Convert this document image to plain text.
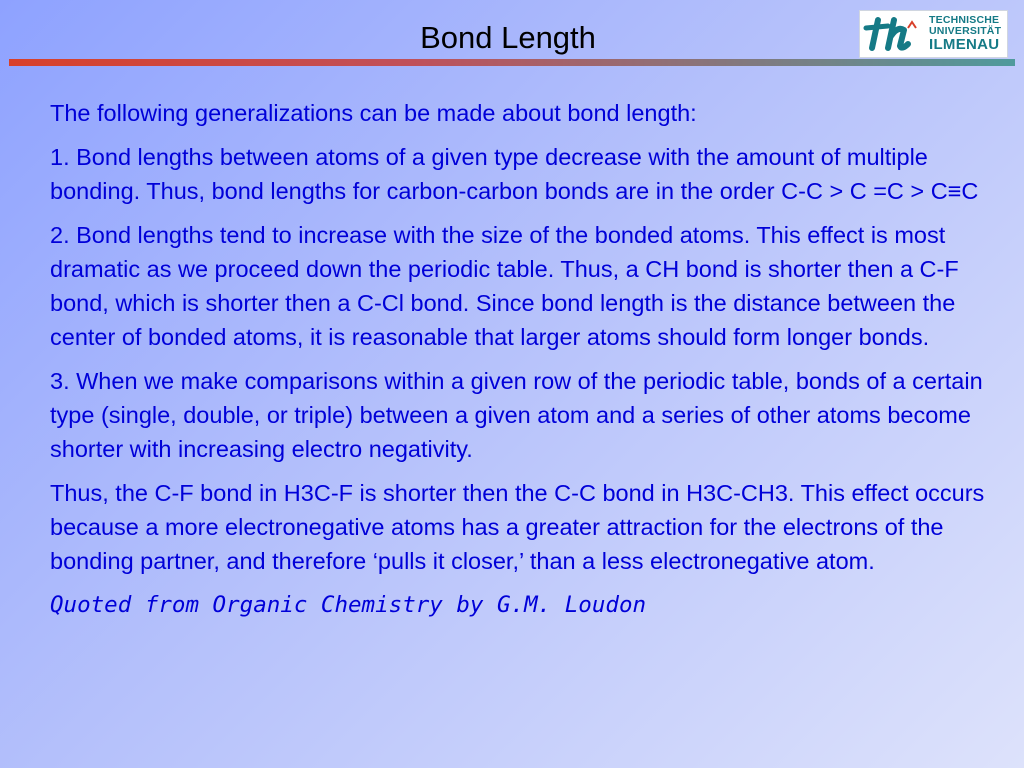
Bond Length	tu
TECHNISCHE
UNIVERSITÄT
ILMENAU

The following generalizations can be made about bond length:

1. Bond lengths between atoms of a given type decrease with the amount of multiple bonding. Thus, bond lengths for carbon-carbon bonds are in the order C-C > C =C > C≡C

2. Bond lengths tend to increase with the size of the bonded atoms. This effect is most dramatic as we proceed down the periodic table. Thus, a CH bond is shorter then a C-F bond, which is shorter then a C-Cl bond. Since bond length is the distance between the center of bonded atoms, it is reasonable that larger atoms should form longer bonds.

3. When we make comparisons within a given row of the periodic table, bonds of a certain type (single, double, or triple) between a given atom and a series of other atoms become shorter with increasing electro negativity.

Thus, the C-F bond in H3C-F is shorter then the C-C bond in H3C-CH3. This effect occurs because a more electronegative atoms has a greater attraction for the electrons of the bonding partner, and therefore ‘pulls it closer,’ than a less electronegative atom.

Quoted from Organic Chemistry by G.M. Loudon
